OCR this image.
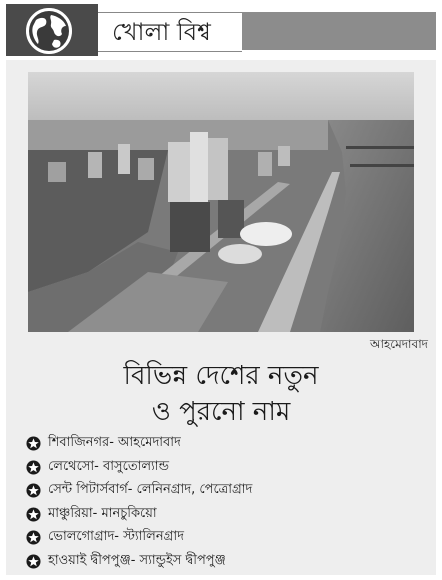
খোলা বিশ্ব
আহমেদাবাদ
বিভিন্ন দেশের নতুন
ও পুরনো নাম
শিবাজিনগর- আহমেদাবাদ
লেথেসো- বাসুতোল্যান্ড
সেন্ট পিটার্সবার্গ- লেনিনগ্রাদ, পেত্রোগ্রাদ
মাঞ্চুরিয়া- মানচুকিয়ো
ভোলগোগ্রাদ- স্ট্যালিনগ্রাদ
হাওয়াই দ্বীপপুঞ্জ- স্যান্ডুইস দ্বীপপুঞ্জ
